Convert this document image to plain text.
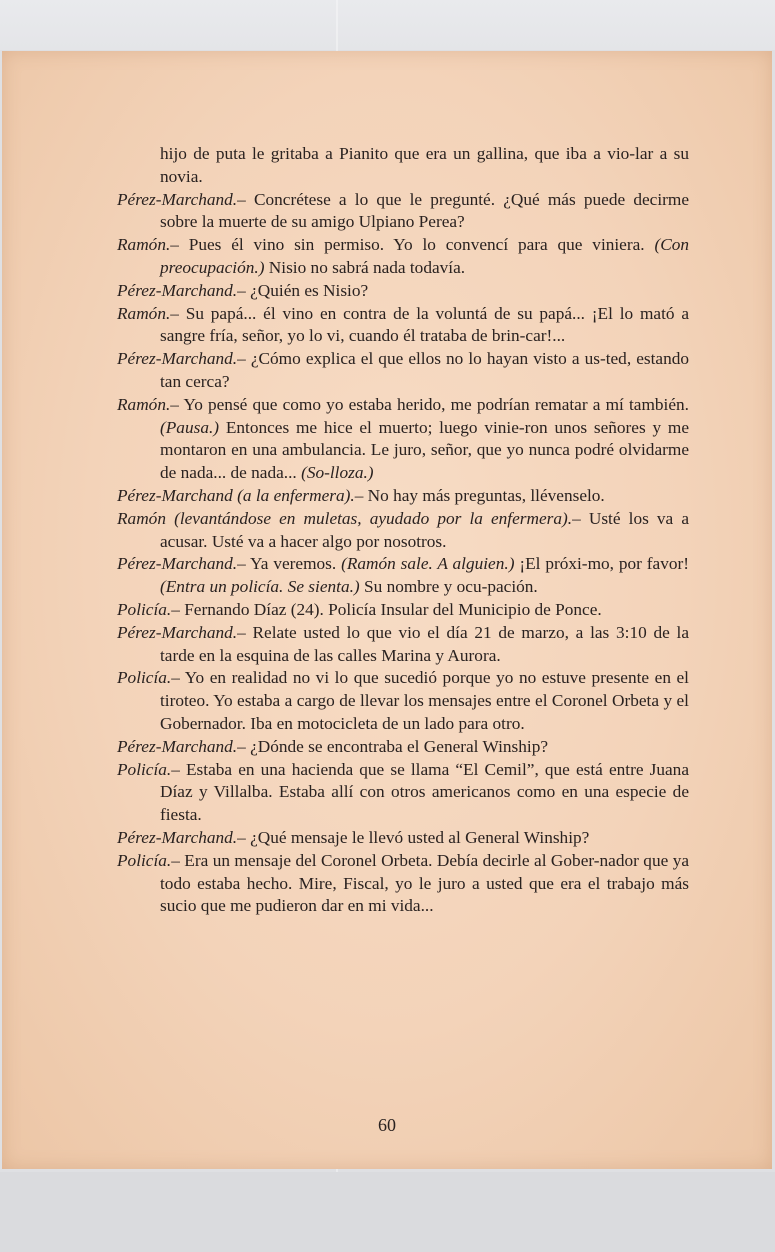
hijo de puta le gritaba a Pianito que era un gallina, que iba a vio-lar a su novia.

Pérez-Marchand.– Concrétese a lo que le pregunté. ¿Qué más puede decirme sobre la muerte de su amigo Ulpiano Perea?

Ramón.– Pues él vino sin permiso. Yo lo convencí para que viniera. (Con preocupación.) Nisio no sabrá nada todavía.

Pérez-Marchand.– ¿Quién es Nisio?

Ramón.– Su papá... él vino en contra de la voluntá de su papá... ¡El lo mató a sangre fría, señor, yo lo vi, cuando él trataba de brin-car!...

Pérez-Marchand.– ¿Cómo explica el que ellos no lo hayan visto a us-ted, estando tan cerca?

Ramón.– Yo pensé que como yo estaba herido, me podrían rematar a mí también. (Pausa.) Entonces me hice el muerto; luego vinie-ron unos señores y me montaron en una ambulancia. Le juro, señor, que yo nunca podré olvidarme de nada... de nada... (So-lloza.)

Pérez-Marchand (a la enfermera).– No hay más preguntas, llévenselo.

Ramón (levantándose en muletas, ayudado por la enfermera).– Usté los va a acusar. Usté va a hacer algo por nosotros.

Pérez-Marchand.– Ya veremos. (Ramón sale. A alguien.) ¡El próxi-mo, por favor! (Entra un policía. Se sienta.) Su nombre y ocu-pación.

Policía.– Fernando Díaz (24). Policía Insular del Municipio de Ponce.

Pérez-Marchand.– Relate usted lo que vio el día 21 de marzo, a las 3:10 de la tarde en la esquina de las calles Marina y Aurora.

Policía.– Yo en realidad no vi lo que sucedió porque yo no estuve presente en el tiroteo. Yo estaba a cargo de llevar los mensajes entre el Coronel Orbeta y el Gobernador. Iba en motocicleta de un lado para otro.

Pérez-Marchand.– ¿Dónde se encontraba el General Winship?

Policía.– Estaba en una hacienda que se llama “El Cemil”, que está entre Juana Díaz y Villalba. Estaba allí con otros americanos como en una especie de fiesta.

Pérez-Marchand.– ¿Qué mensaje le llevó usted al General Winship?

Policía.– Era un mensaje del Coronel Orbeta. Debía decirle al Gober-nador que ya todo estaba hecho. Mire, Fiscal, yo le juro a usted que era el trabajo más sucio que me pudieron dar en mi vida...

60
